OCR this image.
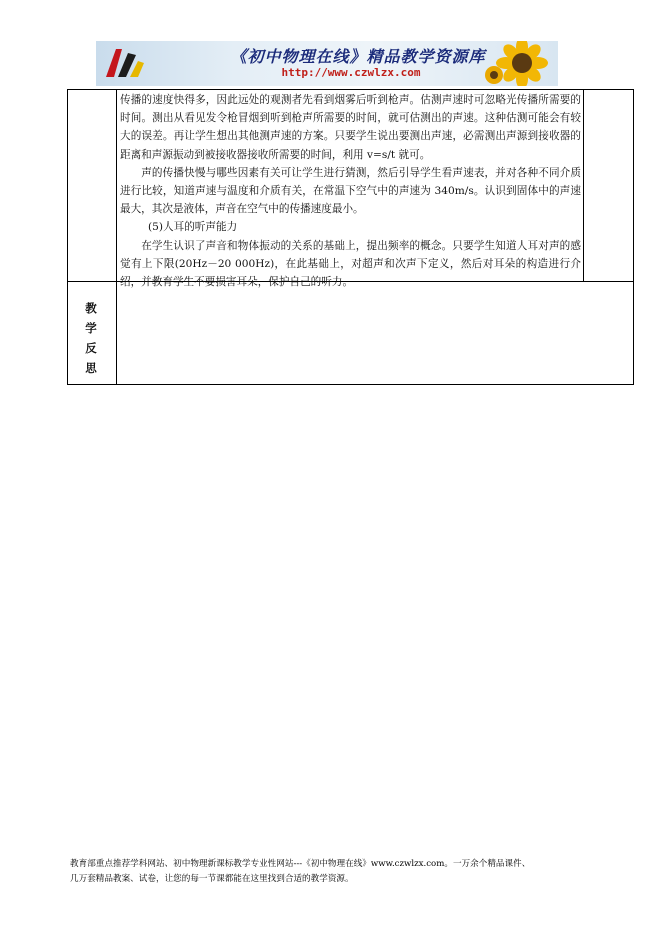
《初中物理在线》精品教学资源库
http://www.czwlzx.com

传播的速度快得多，因此远处的观测者先看到烟雾后听到枪声。估测声速时可忽略光传播所需要的时间。测出从看见发令枪冒烟到听到枪声所需要的时间，就可估测出的声速。这种估测可能会有较大的误差。再让学生想出其他测声速的方案。只要学生说出要测出声速，必需测出声源到接收器的距离和声源振动到被接收器接收所需要的时间，利用 v=s/t 就可。

声的传播快慢与哪些因素有关可让学生进行猜测，然后引导学生看声速表，并对各种不同介质进行比较，知道声速与温度和介质有关，在常温下空气中的声速为 340m/s。认识到固体中的声速最大，其次是液体，声音在空气中的传播速度最小。

(5)人耳的听声能力

在学生认识了声音和物体振动的关系的基础上，提出频率的概念。只要学生知道人耳对声的感觉有上下限(20Hz－20 000Hz)，在此基础上，对超声和次声下定义，然后对耳朵的构造进行介绍，并教育学生不要损害耳朵，保护自己的听力。

教
学
反
思
教育部重点推荐学科网站、初中物理新课标教学专业性网站---《初中物理在线》www.czwlzx.com。一万余个精品课件、
几万套精品教案、试卷，让您的每一节课都能在这里找到合适的教学资源。
